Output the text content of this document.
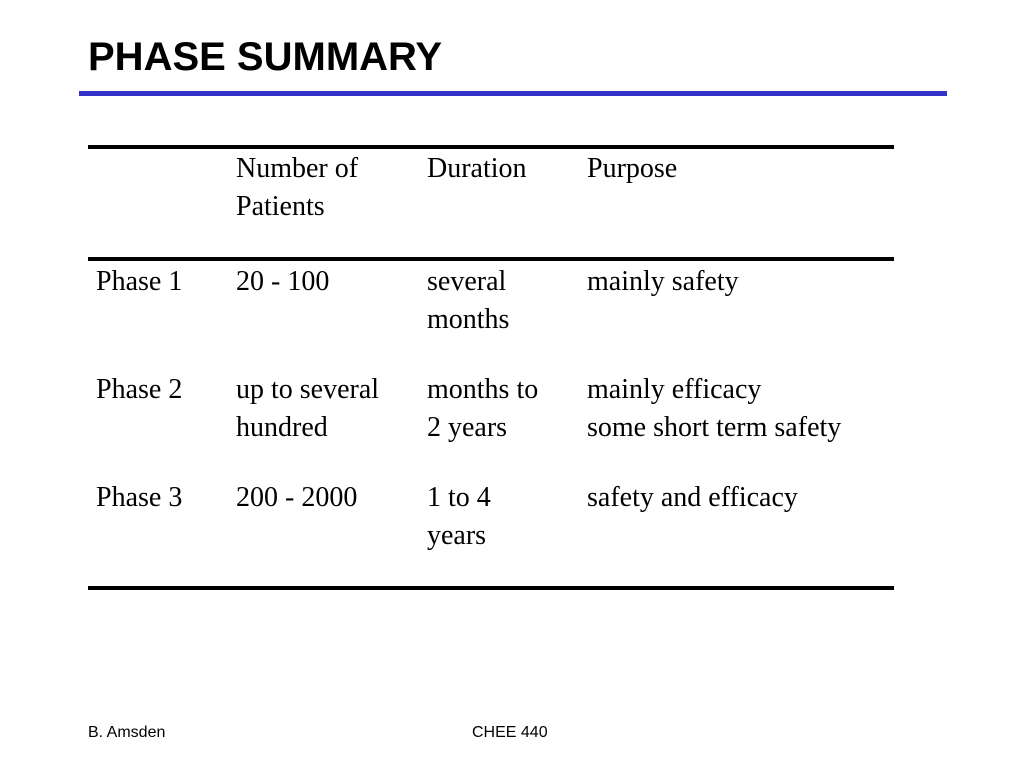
PHASE SUMMARY
Number of
Patients
Duration Purpose
Phase 1 20 - 100	several
months
mainly safety
Phase 2 up to several
hundred
months to
2 years
mainly efficacy
some short term safety
Phase 3 200 - 2000 1 to 4
years
safety and efficacy
B. Amsden	CHEE 440
